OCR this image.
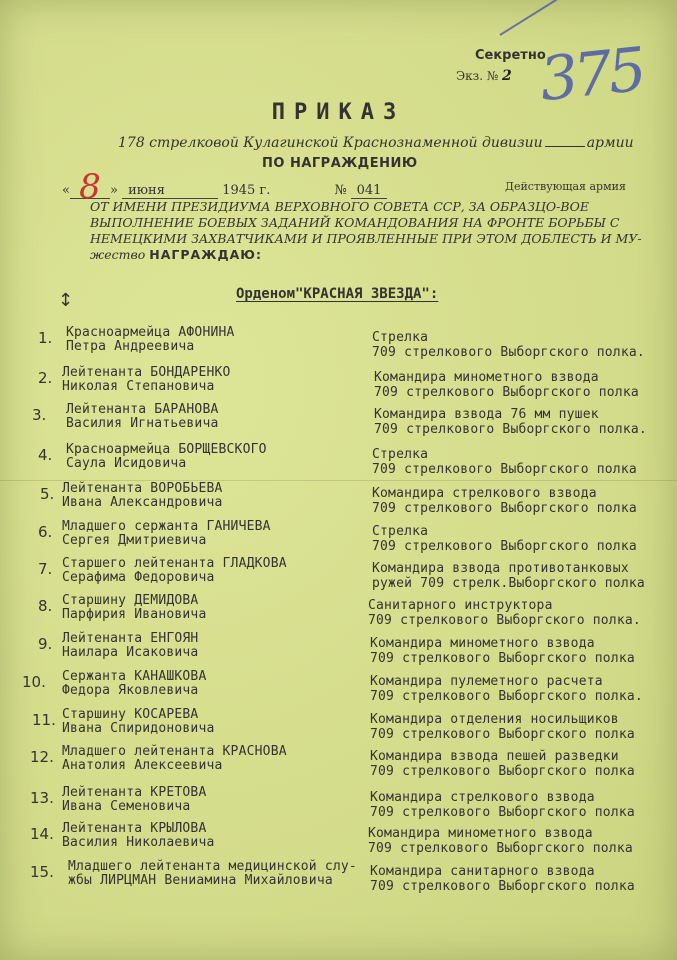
375
Секретно
Экз. № 2
ПРИКАЗ
178 стрелковой Кулагинской Краснознаменной дивизии	армии
ПО НАГРАЖДЕНИЮ
« 8 » июня	1945 г.	№ 041	Действующая армия
ОТ ИМЕНИ ПРЕЗИДИУМА ВЕРХОВНОГО СОВЕТА ССР, ЗА ОБРАЗЦО-ВОЕ ВЫПОЛНЕНИЕ БОЕВЫХ ЗАДАНИЙ КОМАНДОВАНИЯ НА ФРОНТЕ БОРЬБЫ С НЕМЕЦКИМИ ЗАХВАТЧИКАМИ И ПРОЯВЛЕННЫЕ ПРИ ЭТОМ ДОБЛЕСТЬ И МУ-жество НАГРАЖДАЮ:
↕	Орденом"КРАСНАЯ ЗВЕЗДА":
1. Красноармейца АФОНИНА
Петра Андреевича
Стрелка
709 стрелкового Выборгского полка.
2. Лейтенанта БОНДАРЕНКО
Николая Степановича
Командира минометного взвода
709 стрелкового Выборгского полка
3. Лейтенанта БАРАНОВА
Василия Игнатьевича
Командира взвода 76 мм пушек
709 стрелкового Выборгского полка.
4. Красноармейца БОРЩЕВСКОГО
Саула Исидовича
Стрелка
709 стрелкового Выборгского полка
5. Лейтенанта ВОРОБЬЕВА
Ивана Александровича
Командира стрелкового взвода
709 стрелкового Выборгского полка
6. Младшего сержанта ГАНИЧЕВА
Сергея Дмитриевича
Стрелка
709 стрелкового Выборгского полка
7. Старшего лейтенанта ГЛАДКОВА
Серафима Федоровича
Командира взвода противотанковых
ружей 709 стрелк.Выборгского полка
8. Старшину ДЕМИДОВА
Парфирия Ивановича
Санитарного инструктора
709 стрелкового Выборгского полка.
9. Лейтенанта ЕНГОЯН
Наилара Исаковича
Командира минометного взвода
709 стрелкового Выборгского полка
10. Сержанта КАНАШКОВА
Федора Яковлевича
Командира пулеметного расчета
709 стрелкового Выборгского полка.
11. Старшину КОСАРЕВА
Ивана Спиридоновича
Командира отделения носильщиков
709 стрелкового Выборгского полка
12. Младшего лейтенанта КРАСНОВА
Анатолия Алексеевича
Командира взвода пешей разведки
709 стрелкового Выборгского полка
13. Лейтенанта КРЕТОВА
Ивана Семеновича
Командира стрелкового взвода
709 стрелкового Выборгского полка
14. Лейтенанта КРЫЛОВА
Василия Николаевича
Командира минометного взвода
709 стрелкового Выборгского полка
15. Младшего лейтенанта медицинской слу-
жбы ЛИРЦМАН Вениамина Михайловича
Командира санитарного взвода
709 стрелкового Выборгского полка
